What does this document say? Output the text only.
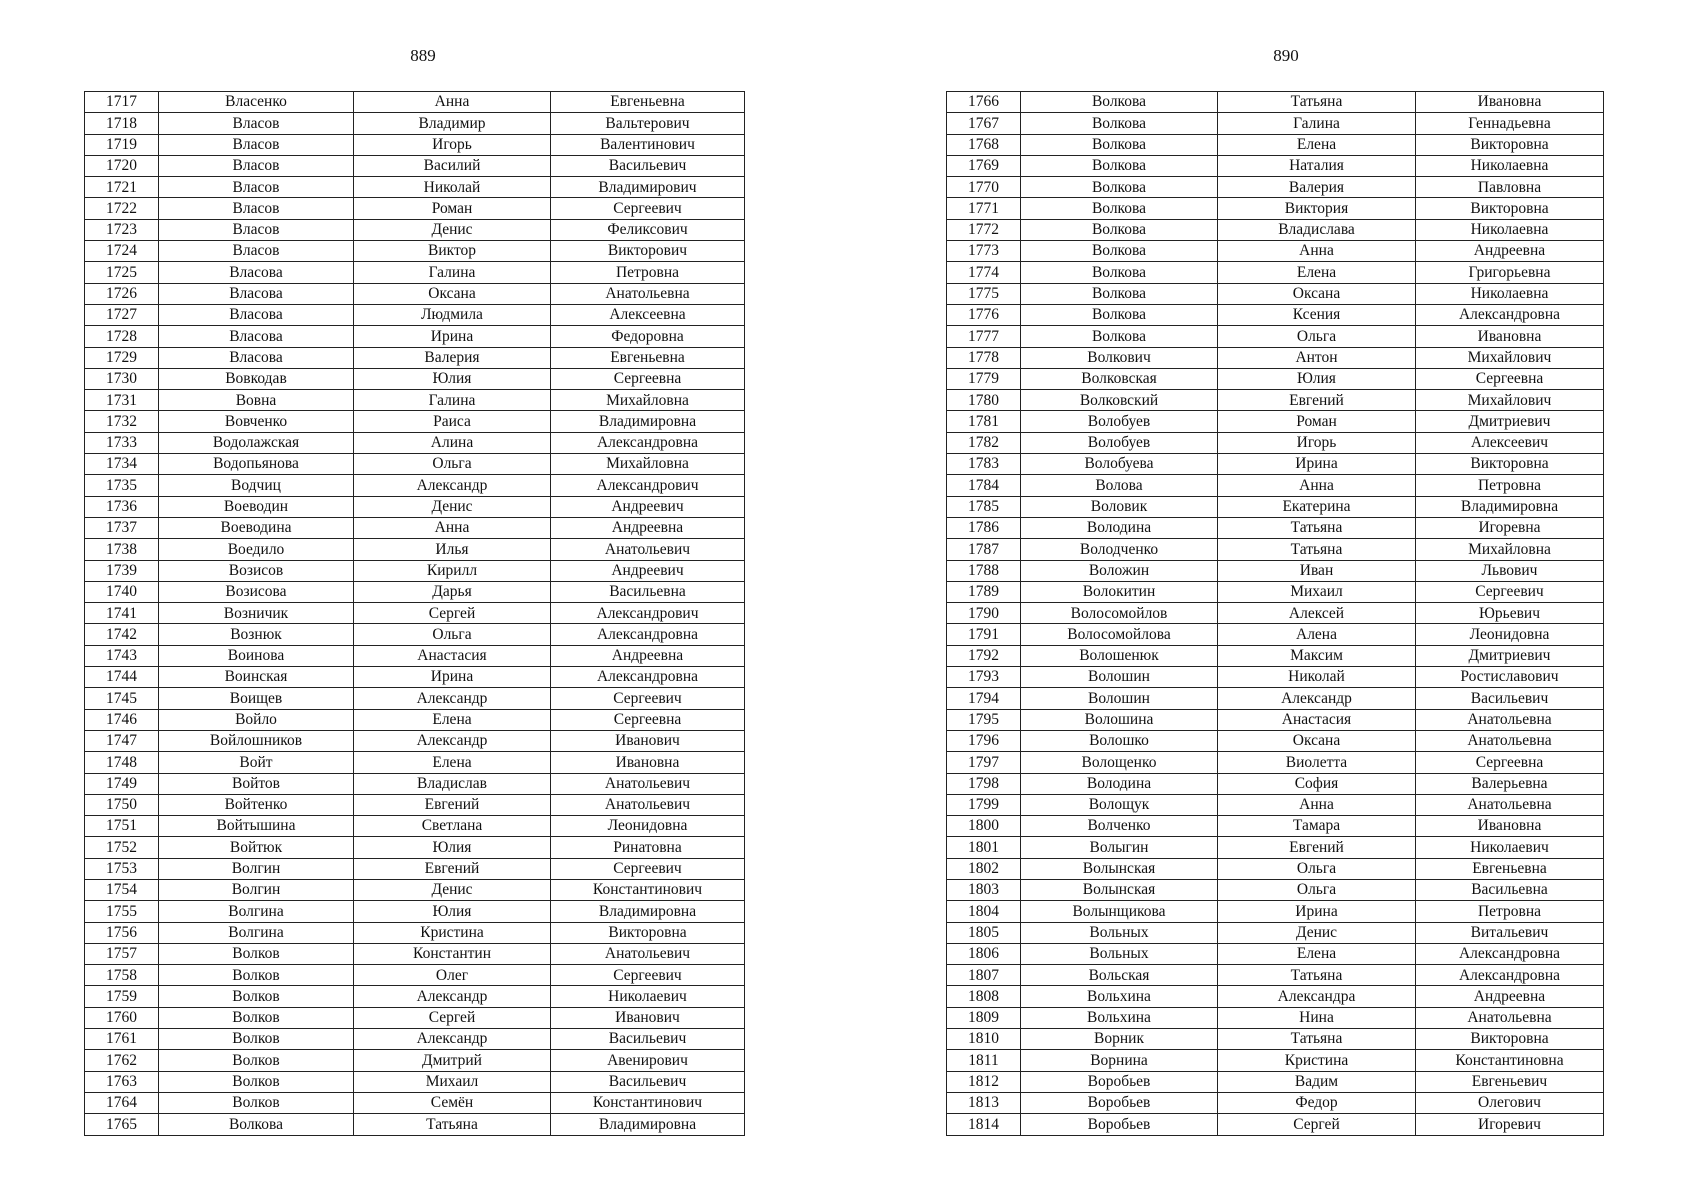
889	890
1717	Власенко	Анна	Евгеньевна
1718	Власов	Владимир	Вальтерович
1719	Власов	Игорь	Валентинович
1720	Власов	Василий	Васильевич
1721	Власов	Николай	Владимирович
1722	Власов	Роман	Сергеевич
1723	Власов	Денис	Феликсович
1724	Власов	Виктор	Викторович
1725	Власова	Галина	Петровна
1726	Власова	Оксана	Анатольевна
1727	Власова	Людмила	Алексеевна
1728	Власова	Ирина	Федоровна
1729	Власова	Валерия	Евгеньевна
1730	Вовкодав	Юлия	Сергеевна
1731	Вовна	Галина	Михайловна
1732	Вовченко	Раиса	Владимировна
1733	Водолажская	Алина	Александровна
1734	Водопьянова	Ольга	Михайловна
1735	Водчиц	Александр	Александрович
1736	Воеводин	Денис	Андреевич
1737	Воеводина	Анна	Андреевна
1738	Воедило	Илья	Анатольевич
1739	Возисов	Кирилл	Андреевич
1740	Возисова	Дарья	Васильевна
1741	Возничик	Сергей	Александрович
1742	Вознюк	Ольга	Александровна
1743	Воинова	Анастасия	Андреевна
1744	Воинская	Ирина	Александровна
1745	Воищев	Александр	Сергеевич
1746	Войло	Елена	Сергеевна
1747	Войлошников	Александр	Иванович
1748	Войт	Елена	Ивановна
1749	Войтов	Владислав	Анатольевич
1750	Войтенко	Евгений	Анатольевич
1751	Войтышина	Светлана	Леонидовна
1752	Войтюк	Юлия	Ринатовна
1753	Волгин	Евгений	Сергеевич
1754	Волгин	Денис	Константинович
1755	Волгина	Юлия	Владимировна
1756	Волгина	Кристина	Викторовна
1757	Волков	Константин	Анатольевич
1758	Волков	Олег	Сергеевич
1759	Волков	Александр	Николаевич
1760	Волков	Сергей	Иванович
1761	Волков	Александр	Васильевич
1762	Волков	Дмитрий	Авенирович
1763	Волков	Михаил	Васильевич
1764	Волков	Семён	Константинович
1765	Волкова	Татьяна	Владимировна
1766	Волкова	Татьяна	Ивановна
1767	Волкова	Галина	Геннадьевна
1768	Волкова	Елена	Викторовна
1769	Волкова	Наталия	Николаевна
1770	Волкова	Валерия	Павловна
1771	Волкова	Виктория	Викторовна
1772	Волкова	Владислава	Николаевна
1773	Волкова	Анна	Андреевна
1774	Волкова	Елена	Григорьевна
1775	Волкова	Оксана	Николаевна
1776	Волкова	Ксения	Александровна
1777	Волкова	Ольга	Ивановна
1778	Волкович	Антон	Михайлович
1779	Волковская	Юлия	Сергеевна
1780	Волковский	Евгений	Михайлович
1781	Волобуев	Роман	Дмитриевич
1782	Волобуев	Игорь	Алексеевич
1783	Волобуева	Ирина	Викторовна
1784	Волова	Анна	Петровна
1785	Воловик	Екатерина	Владимировна
1786	Володина	Татьяна	Игоревна
1787	Володченко	Татьяна	Михайловна
1788	Воложин	Иван	Львович
1789	Волокитин	Михаил	Сергеевич
1790	Волосомойлов	Алексей	Юрьевич
1791	Волосомойлова	Алена	Леонидовна
1792	Волошенюк	Максим	Дмитриевич
1793	Волошин	Николай	Ростиславович
1794	Волошин	Александр	Васильевич
1795	Волошина	Анастасия	Анатольевна
1796	Волошко	Оксана	Анатольевна
1797	Волощенко	Виолетта	Сергеевна
1798	Володина	София	Валерьевна
1799	Волощук	Анна	Анатольевна
1800	Волченко	Тамара	Ивановна
1801	Волыгин	Евгений	Николаевич
1802	Волынская	Ольга	Евгеньевна
1803	Волынская	Ольга	Васильевна
1804	Волынщикова	Ирина	Петровна
1805	Вольных	Денис	Витальевич
1806	Вольных	Елена	Александровна
1807	Вольская	Татьяна	Александровна
1808	Вольхина	Александра	Андреевна
1809	Вольхина	Нина	Анатольевна
1810	Ворник	Татьяна	Викторовна
1811	Ворнина	Кристина	Константиновна
1812	Воробьев	Вадим	Евгеньевич
1813	Воробьев	Федор	Олегович
1814	Воробьев	Сергей	Игоревич
